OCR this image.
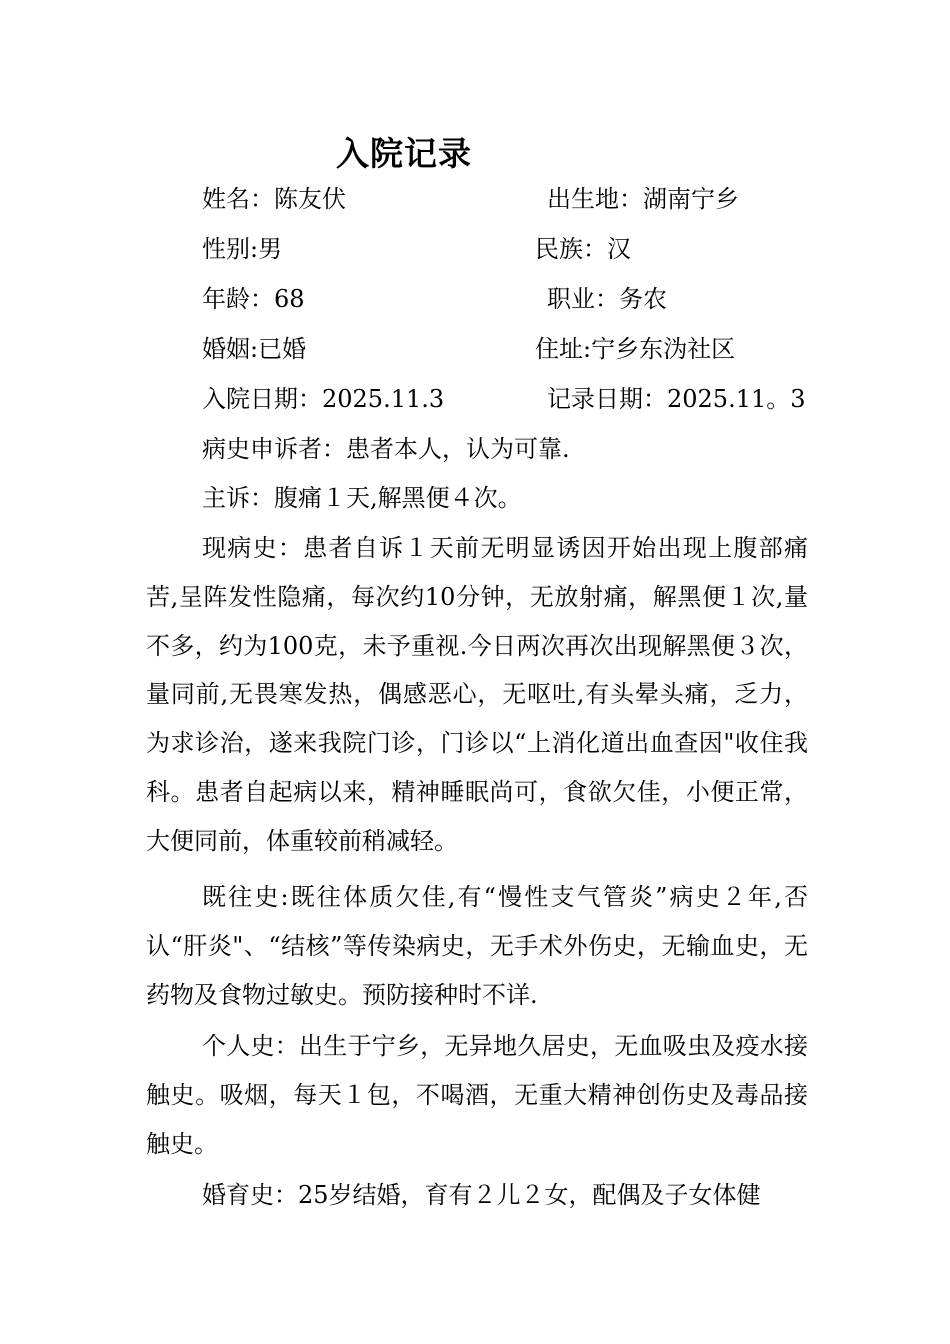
入院记录
姓名：陈友伏	出生地：湖南宁乡
性别:男	民族：汉
年龄：68	职业：务农
婚姻:已婚	住址:宁乡东沩社区
入院日期：2025.11.3	记录日期：2025.11。3
病史申诉者：患者本人，认为可靠.
主诉：腹痛１天,解黑便４次。

现病史：患者自诉１天前无明显诱因开始出现上腹部痛苦,呈阵发性隐痛，每次约10分钟，无放射痛，解黑便１次,量不多，约为100克，未予重视.今日两次再次出现解黑便３次，量同前,无畏寒发热，偶感恶心，无呕吐,有头晕头痛，乏力，为求诊治，遂来我院门诊，门诊以“上消化道出血查因"收住我科。患者自起病以来，精神睡眠尚可，食欲欠佳，小便正常，大便同前，体重较前稍减轻。

既往史:既往体质欠佳,有“慢性支气管炎”病史２年,否认“肝炎"、“结核”等传染病史，无手术外伤史，无输血史，无药物及食物过敏史。预防接种时不详.

个人史：出生于宁乡，无异地久居史，无血吸虫及疫水接触史。吸烟，每天１包，不喝酒，无重大精神创伤史及毒品接触史。

婚育史：25岁结婚，育有２儿２女，配偶及子女体健
